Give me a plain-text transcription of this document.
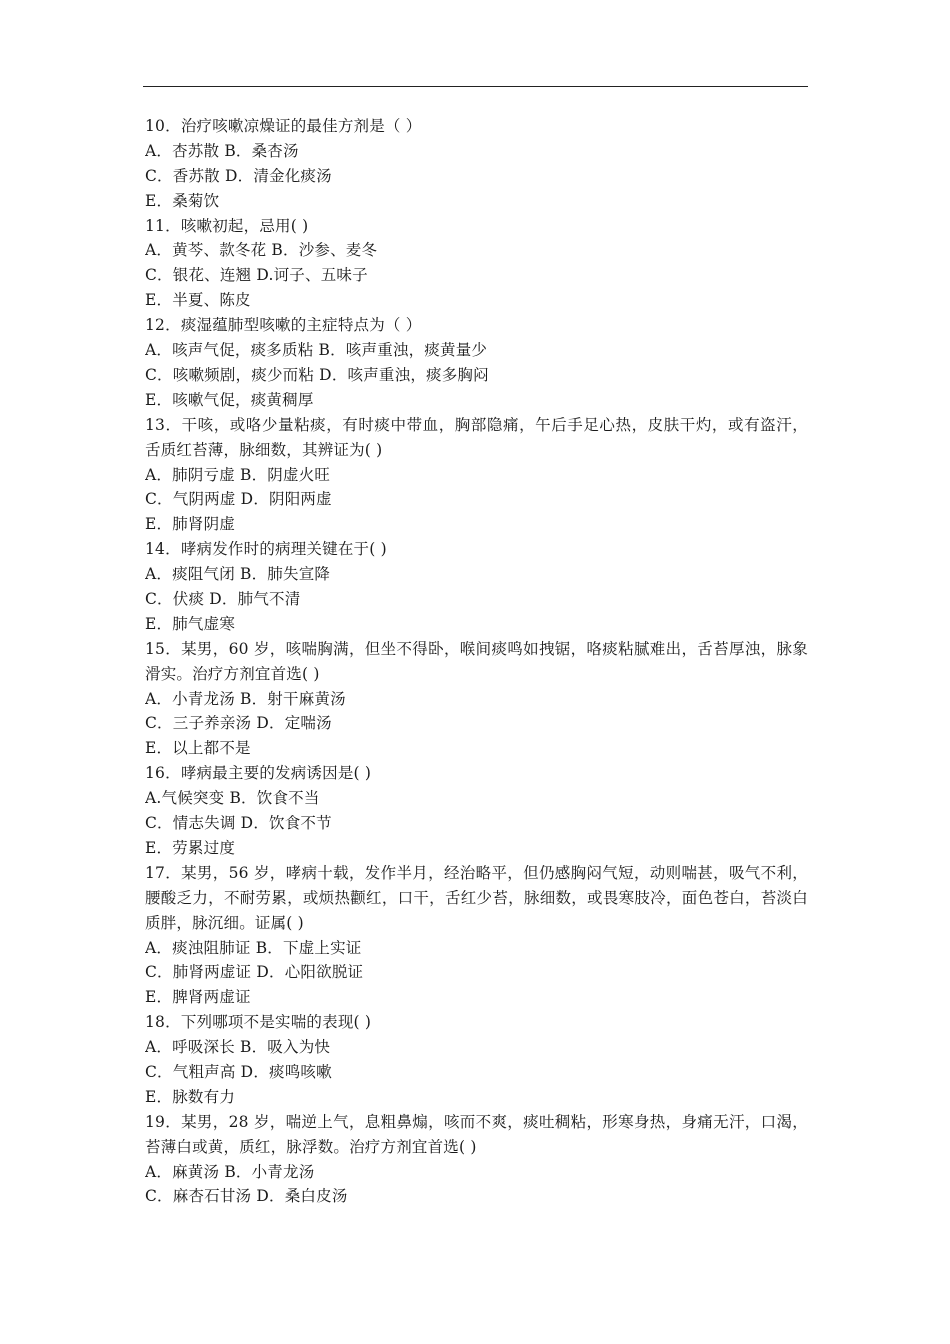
10．治疗咳嗽凉燥证的最佳方剂是（ ）
A．杏苏散 B．桑杏汤
C．香苏散 D．清金化痰汤
E．桑菊饮
11．咳嗽初起，忌用( )
A．黄芩、款冬花 B．沙参、麦冬
C．银花、连翘 D.诃子、五味子
E．半夏、陈皮
12．痰湿蕴肺型咳嗽的主症特点为（ ）
A．咳声气促，痰多质粘 B．咳声重浊，痰黄量少
C．咳嗽频剧，痰少而粘 D．咳声重浊，痰多胸闷
E．咳嗽气促，痰黄稠厚
13．干咳，或咯少量粘痰，有时痰中带血，胸部隐痛，午后手足心热，皮肤干灼，或有盗汗，舌质红苔薄，脉细数，其辨证为( )
A．肺阴亏虚 B．阴虚火旺
C．气阴两虚 D．阴阳两虚
E．肺肾阴虚
14．哮病发作时的病理关键在于( )
A．痰阻气闭 B．肺失宣降
C．伏痰 D．肺气不清
E．肺气虚寒
15．某男，60 岁，咳喘胸满，但坐不得卧，喉间痰鸣如拽锯，咯痰粘腻难出，舌苔厚浊，脉象滑实。治疗方剂宜首选( )
A．小青龙汤 B．射干麻黄汤
C．三子养亲汤 D．定喘汤
E．以上都不是
16．哮病最主要的发病诱因是( )
A.气候突变 B．饮食不当
C．情志失调 D．饮食不节
E．劳累过度
17．某男，56 岁，哮病十载，发作半月，经治略平，但仍感胸闷气短，动则喘甚，吸气不利，腰酸乏力，不耐劳累，或烦热颧红，口干，舌红少苔，脉细数，或畏寒肢冷，面色苍白，苔淡白质胖，脉沉细。证属( )
A．痰浊阻肺证 B．下虚上实证
C．肺肾两虚证 D．心阳欲脱证
E．脾肾两虚证
18．下列哪项不是实喘的表现( )
A．呼吸深长 B．吸入为快
C．气粗声高 D．痰鸣咳嗽
E．脉数有力
19．某男，28 岁，喘逆上气，息粗鼻煽，咳而不爽，痰吐稠粘，形寒身热，身痛无汗，口渴，苔薄白或黄，质红，脉浮数。治疗方剂宜首选( )
A．麻黄汤 B．小青龙汤
C．麻杏石甘汤 D．桑白皮汤
